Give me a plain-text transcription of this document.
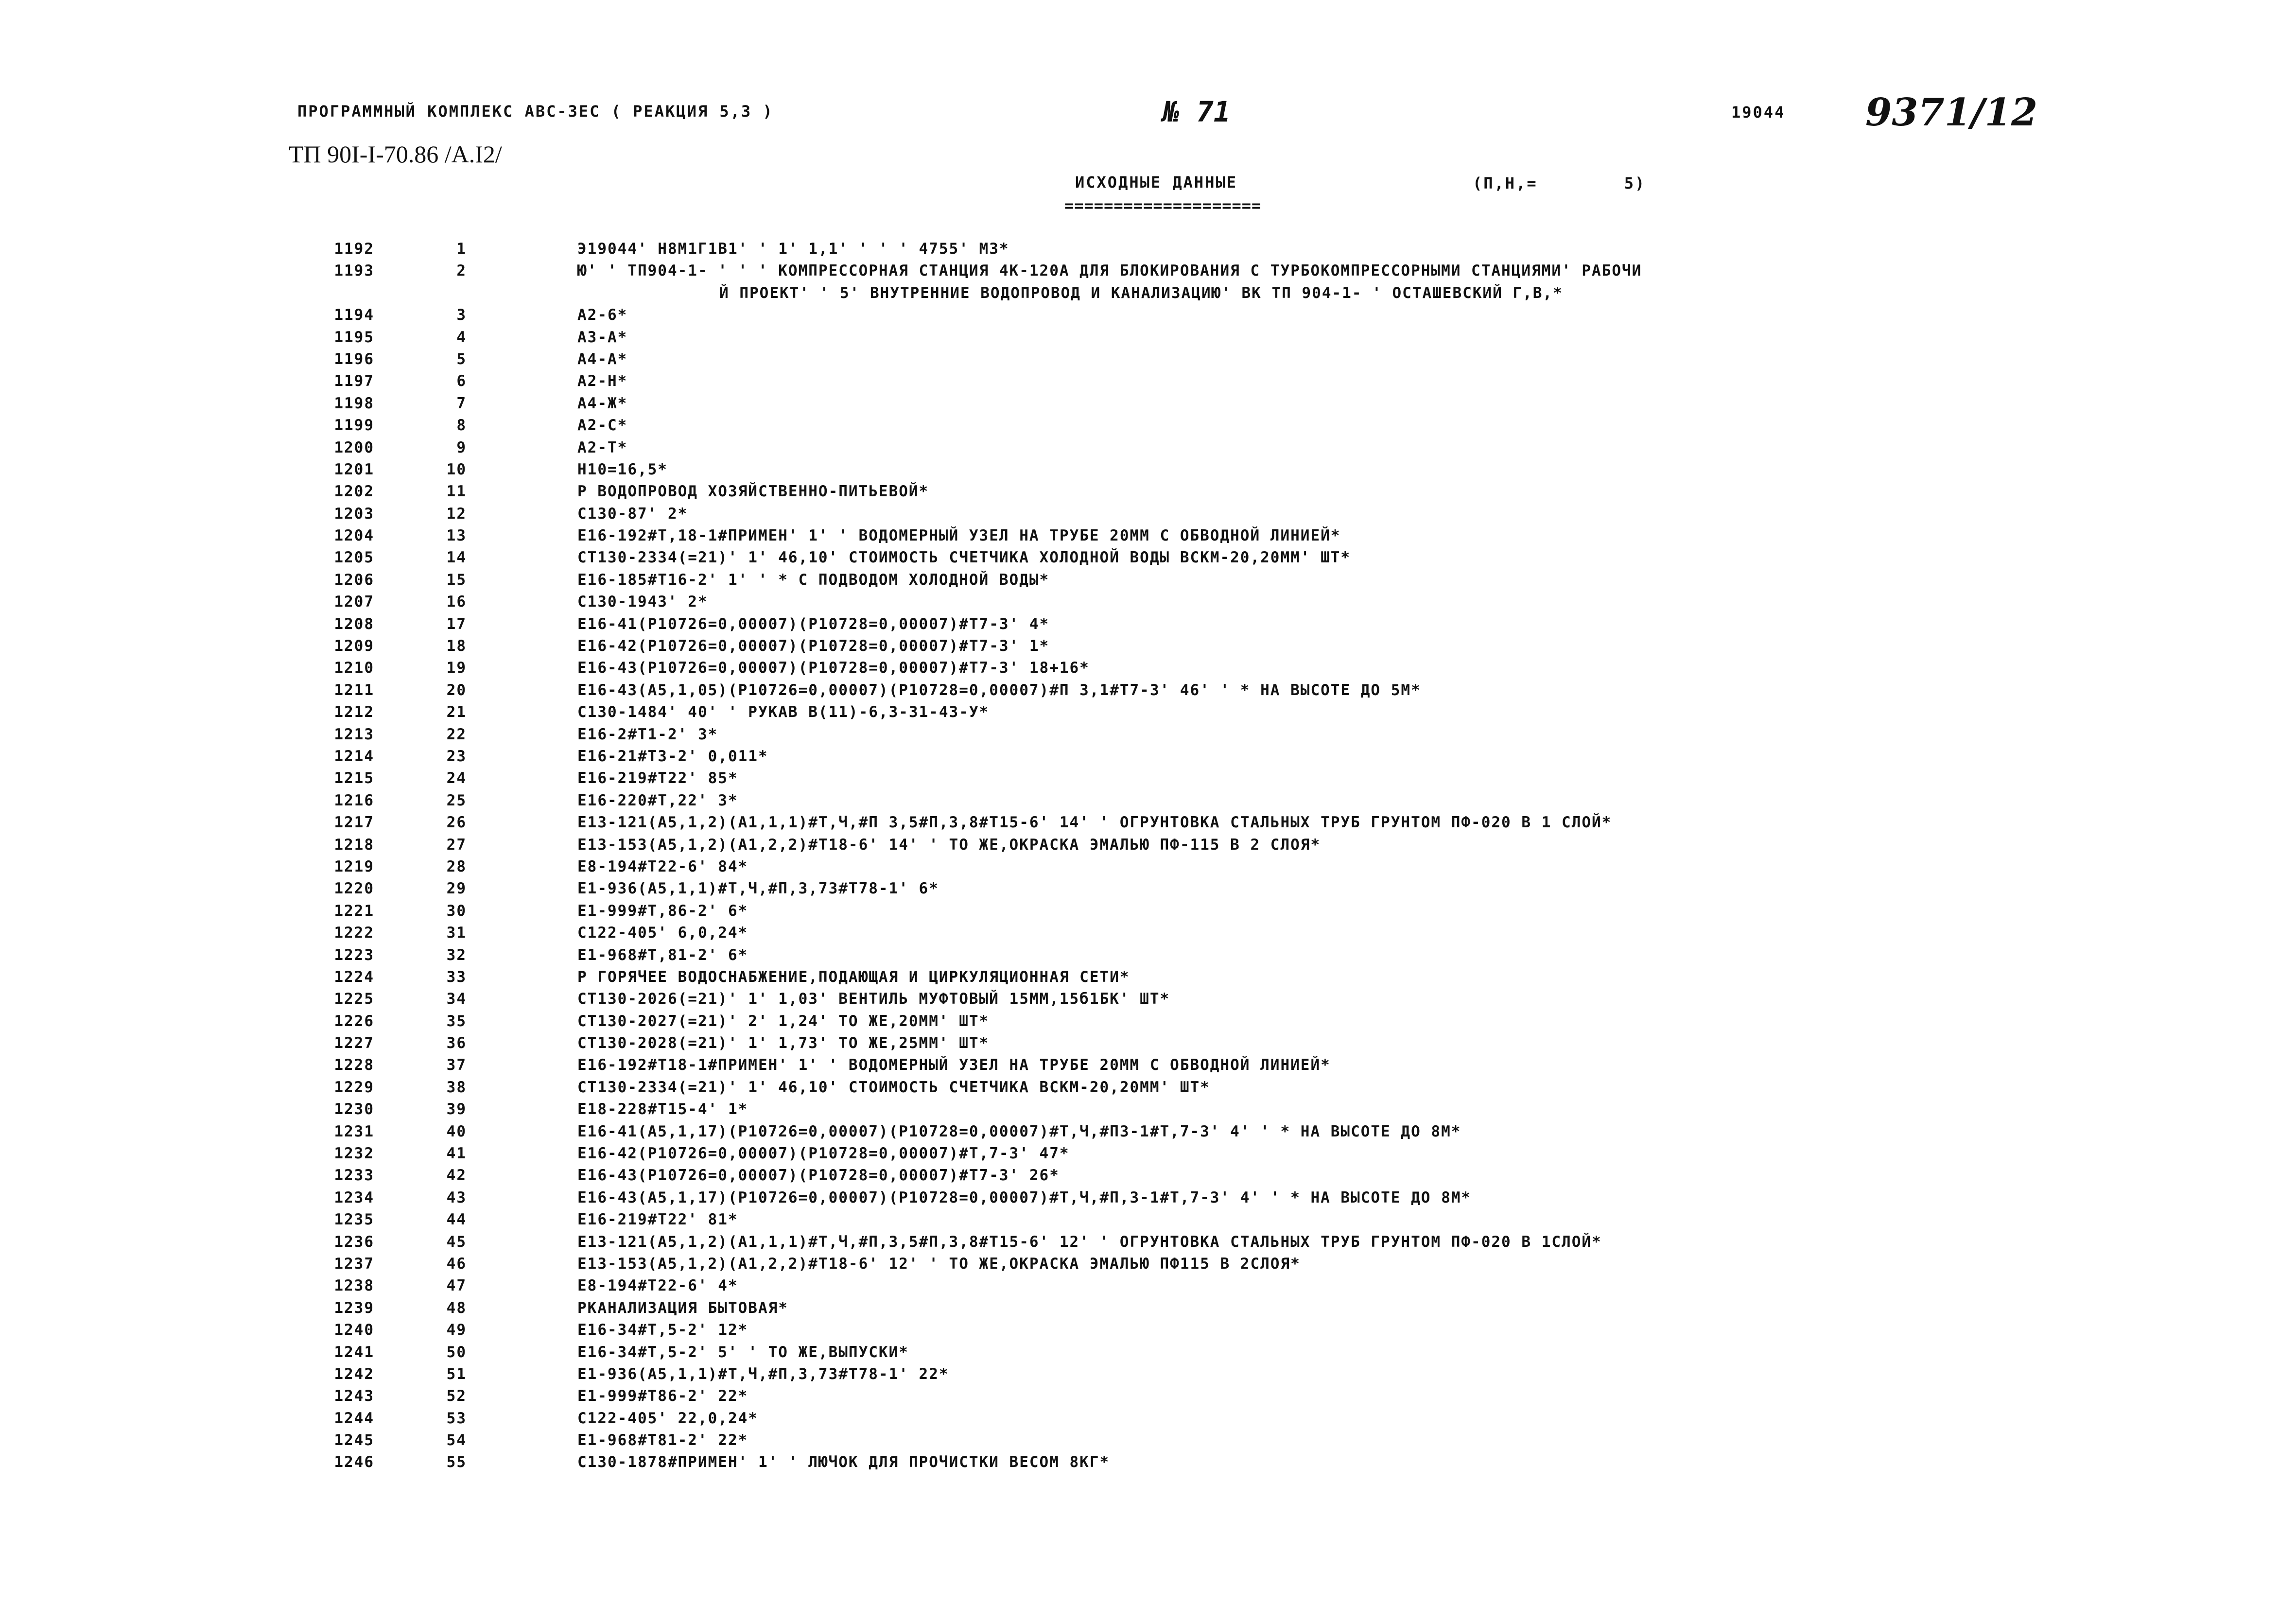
ПРОГРАММНЫЙ КОМПЛЕКС АВС-3ЕС ( РЕАКЦИЯ 5,3 )	№ 71	19044 9371/12
ТП 90I-I-70.86 /А.I2/
ИСХОДНЫЕ ДАННЫЕ
====================
(П,Н,=        5)
1192	1	Э19044' Н8М1Г1В1' ' 1' 1,1' ' ' ' 4755' М3*
1193	2	Ю' ' ТП904-1- ' ' ' КОМПРЕССОРНАЯ СТАНЦИЯ 4К-120А ДЛЯ БЛОКИРОВАНИЯ С ТУРБОКОМПРЕССОРНЫМИ СТАНЦИЯМИ' РАБОЧИ
Й ПРОЕКТ' ' 5' ВНУТРЕННИЕ ВОДОПРОВОД И КАНАЛИЗАЦИЮ' ВК ТП 904-1- ' ОСТАШЕВСКИЙ Г,В,*
1194	3	А2-6*
1195	4	А3-А*
1196	5	А4-А*
1197	6	А2-Н*
1198	7	А4-Ж*
1199	8	А2-С*
1200	9	А2-Т*
1201	10	Н10=16,5*
1202	11	Р ВОДОПРОВОД ХОЗЯЙСТВЕННО-ПИТЬЕВОЙ*
1203	12	С130-87' 2*
1204	13	Е16-192#Т,18-1#ПРИМЕН' 1' ' ВОДОМЕРНЫЙ УЗЕЛ НА ТРУБЕ 20ММ С ОБВОДНОЙ ЛИНИЕЙ*
1205	14	СТ130-2334(=21)' 1' 46,10' СТОИМОСТЬ СЧЕТЧИКА ХОЛОДНОЙ ВОДЫ ВСКМ-20,20ММ' ШТ*
1206	15	Е16-185#Т16-2' 1' ' * С ПОДВОДОМ ХОЛОДНОЙ ВОДЫ*
1207	16	С130-1943' 2*
1208	17	Е16-41(Р10726=0,00007)(Р10728=0,00007)#Т7-3' 4*
1209	18	Е16-42(Р10726=0,00007)(Р10728=0,00007)#Т7-3' 1*
1210	19	Е16-43(Р10726=0,00007)(Р10728=0,00007)#Т7-3' 18+16*
1211	20	Е16-43(А5,1,05)(Р10726=0,00007)(Р10728=0,00007)#П 3,1#Т7-3' 46' ' * НА ВЫСОТЕ ДО 5М*
1212	21	С130-1484' 40' ' РУКАВ В(11)-6,3-31-43-У*
1213	22	Е16-2#Т1-2' 3*
1214	23	Е16-21#Т3-2' 0,011*
1215	24	Е16-219#Т22' 85*
1216	25	Е16-220#Т,22' 3*
1217	26	Е13-121(А5,1,2)(А1,1,1)#Т,Ч,#П 3,5#П,3,8#Т15-6' 14' ' ОГРУНТОВКА СТАЛЬНЫХ ТРУБ ГРУНТОМ ПФ-020 В 1 СЛОЙ*
1218	27	Е13-153(А5,1,2)(А1,2,2)#Т18-6' 14' ' ТО ЖЕ,ОКРАСКА ЭМАЛЬЮ ПФ-115 В 2 СЛОЯ*
1219	28	Е8-194#Т22-6' 84*
1220	29	Е1-936(А5,1,1)#Т,Ч,#П,3,73#Т78-1' 6*
1221	30	Е1-999#Т,86-2' 6*
1222	31	С122-405' 6,0,24*
1223	32	Е1-968#Т,81-2' 6*
1224	33	Р ГОРЯЧЕЕ ВОДОСНАБЖЕНИЕ,ПОДАЮЩАЯ И ЦИРКУЛЯЦИОННАЯ СЕТИ*
1225	34	СТ130-2026(=21)' 1' 1,03' ВЕНТИЛЬ МУФТОВЫЙ 15ММ,15б1БК' ШТ*
1226	35	СТ130-2027(=21)' 2' 1,24' ТО ЖЕ,20ММ' ШТ*
1227	36	СТ130-2028(=21)' 1' 1,73' ТО ЖЕ,25ММ' ШТ*
1228	37	Е16-192#Т18-1#ПРИМЕН' 1' ' ВОДОМЕРНЫЙ УЗЕЛ НА ТРУБЕ 20ММ С ОБВОДНОЙ ЛИНИЕЙ*
1229	38	СТ130-2334(=21)' 1' 46,10' СТОИМОСТЬ СЧЕТЧИКА ВСКМ-20,20ММ' ШТ*
1230	39	Е18-228#Т15-4' 1*
1231	40	Е16-41(А5,1,17)(Р10726=0,00007)(Р10728=0,00007)#Т,Ч,#П3-1#Т,7-3' 4' ' * НА ВЫСОТЕ ДО 8М*
1232	41	Е16-42(Р10726=0,00007)(Р10728=0,00007)#Т,7-3' 47*
1233	42	Е16-43(Р10726=0,00007)(Р10728=0,00007)#Т7-3' 26*
1234	43	Е16-43(А5,1,17)(Р10726=0,00007)(Р10728=0,00007)#Т,Ч,#П,3-1#Т,7-3' 4' ' * НА ВЫСОТЕ ДО 8М*
1235	44	Е16-219#Т22' 81*
1236	45	Е13-121(А5,1,2)(А1,1,1)#Т,Ч,#П,3,5#П,3,8#Т15-6' 12' ' ОГРУНТОВКА СТАЛЬНЫХ ТРУБ ГРУНТОМ ПФ-020 В 1СЛОЙ*
1237	46	Е13-153(А5,1,2)(А1,2,2)#Т18-6' 12' ' ТО ЖЕ,ОКРАСКА ЭМАЛЬЮ ПФ115 В 2СЛОЯ*
1238	47	Е8-194#Т22-6' 4*
1239	48	РКАНАЛИЗАЦИЯ БЫТОВАЯ*
1240	49	Е16-34#Т,5-2' 12*
1241	50	Е16-34#Т,5-2' 5' ' ТО ЖЕ,ВЫПУСКИ*
1242	51	Е1-936(А5,1,1)#Т,Ч,#П,3,73#Т78-1' 22*
1243	52	Е1-999#Т86-2' 22*
1244	53	С122-405' 22,0,24*
1245	54	Е1-968#Т81-2' 22*
1246	55	С130-1878#ПРИМЕН' 1' ' ЛЮЧОК ДЛЯ ПРОЧИСТКИ ВЕСОМ 8КГ*
